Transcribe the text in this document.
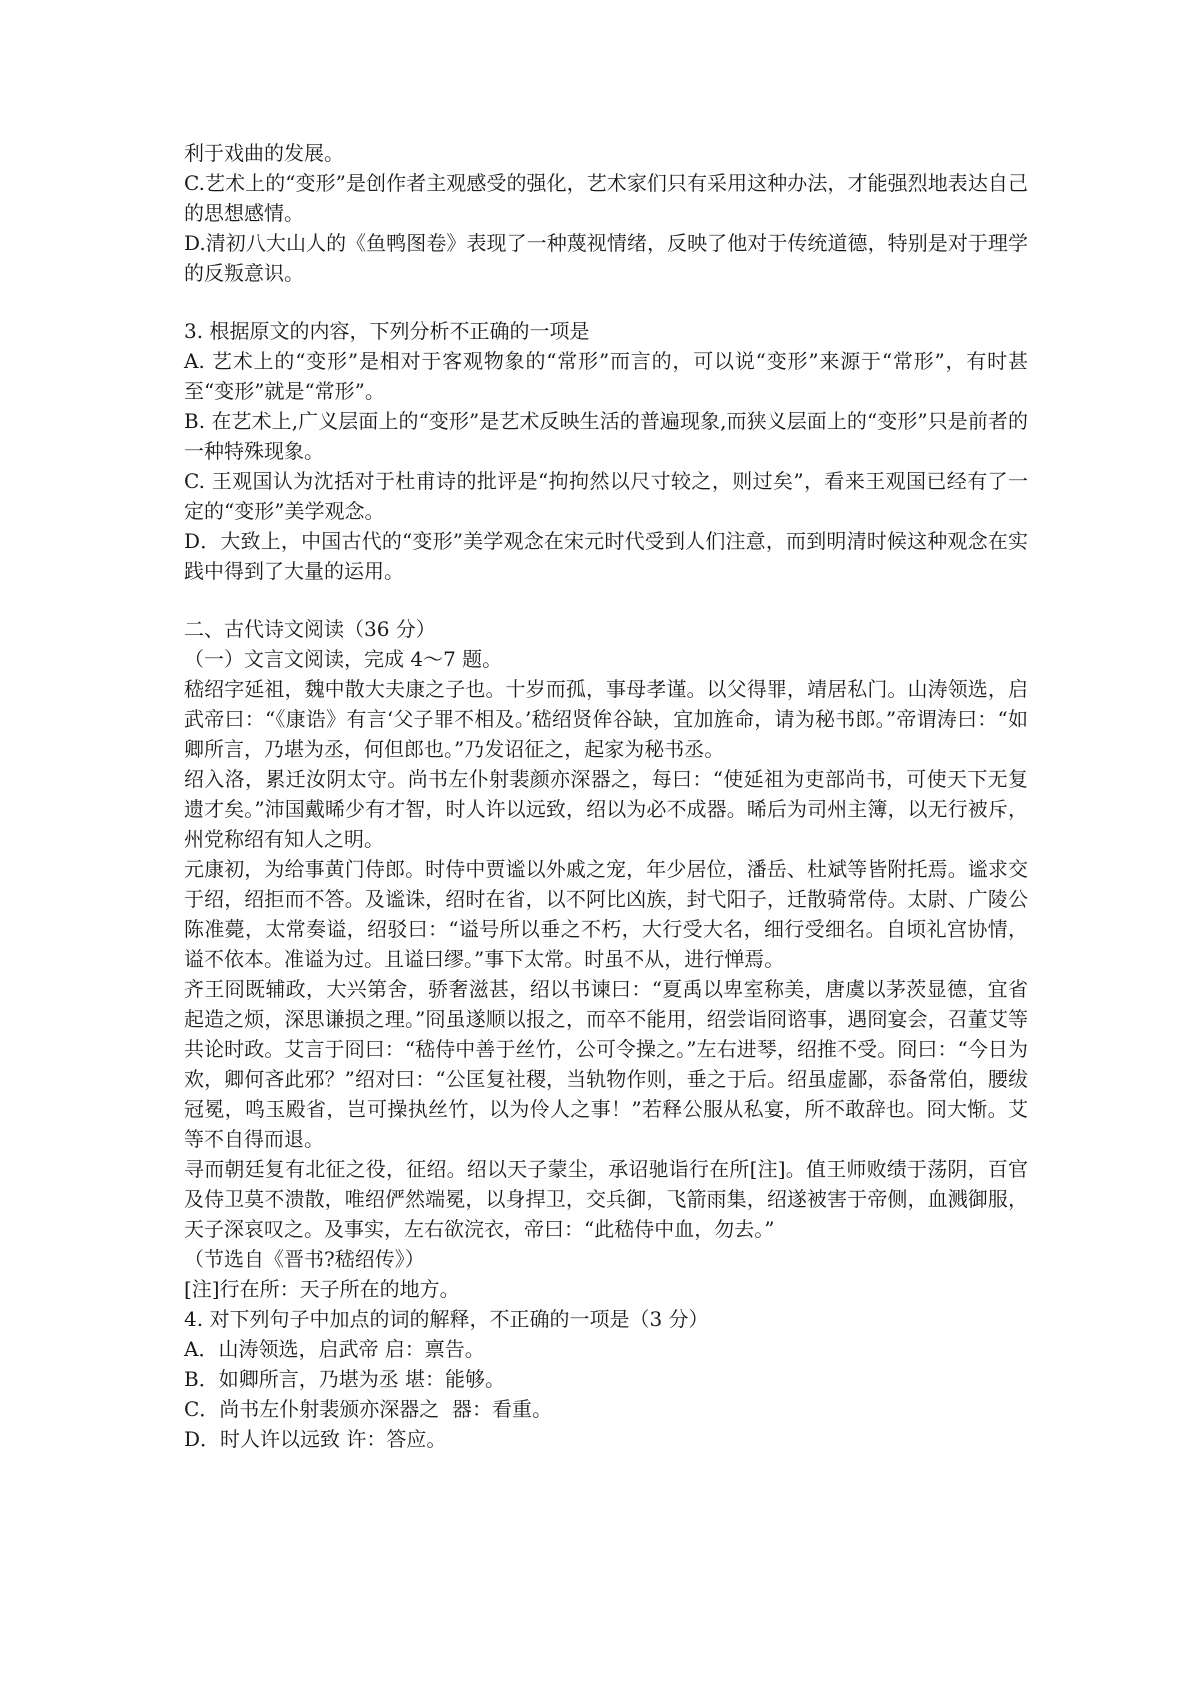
利于戏曲的发展。

C.艺术上的“变形”是创作者主观感受的强化，艺术家们只有采用这种办法，才能强烈地表达自己的思想感情。

D.清初八大山人的《鱼鸭图卷》表现了一种蔑视情绪，反映了他对于传统道德，特别是对于理学的反叛意识。

3. 根据原文的内容，下列分析不正确的一项是

A. 艺术上的“变形”是相对于客观物象的“常形”而言的，可以说“变形”来源于“常形”，有时甚至“变形”就是“常形”。

B. 在艺术上,广义层面上的“变形”是艺术反映生活的普遍现象,而狭义层面上的“变形”只是前者的一种特殊现象。

C. 王观国认为沈括对于杜甫诗的批评是“拘拘然以尺寸较之，则过矣”，看来王观国已经有了一定的“变形”美学观念。

D．大致上，中国古代的“变形”美学观念在宋元时代受到人们注意，而到明清时候这种观念在实践中得到了大量的运用。

二、古代诗文阅读（36 分）

（一）文言文阅读，完成 4～7 题。

嵇绍字延祖，魏中散大夫康之子也。十岁而孤，事母孝谨。以父得罪，靖居私门。山涛领选，启武帝曰：“《康诰》有言‘父子罪不相及。’嵇绍贤侔谷缺，宜加旌命，请为秘书郎。”帝谓涛曰：“如卿所言，乃堪为丞，何但郎也。”乃发诏征之，起家为秘书丞。

绍入洛，累迁汝阴太守。尚书左仆射裴颜亦深器之，每曰：“使延祖为吏部尚书，可使天下无复遗才矣。”沛国戴晞少有才智，时人许以远致，绍以为必不成器。晞后为司州主簿，以无行被斥，州党称绍有知人之明。

元康初，为给事黄门侍郎。时侍中贾谧以外戚之宠，年少居位，潘岳、杜斌等皆附托焉。谧求交于绍，绍拒而不答。及谧诛，绍时在省，以不阿比凶族，封弋阳子，迁散骑常侍。太尉、广陵公陈准薨，太常奏谥，绍驳曰：“谥号所以垂之不朽，大行受大名，细行受细名。自顷礼宫协情，谥不依本。准谥为过。且谥曰缪。”事下太常。时虽不从，进行惮焉。

齐王冏既辅政，大兴第舍，骄奢滋甚，绍以书谏曰：“夏禹以卑室称美，唐虞以茅茨显德，宜省起造之烦，深思谦损之理。”冏虽遂顺以报之，而卒不能用，绍尝诣冏谘事，遇冏宴会，召董艾等共论时政。艾言于冏曰：“嵇侍中善于丝竹，公可令操之。”左右进琴，绍推不受。冏曰：“今日为欢，卿何吝此邪？”绍对曰：“公匡复社稷，当轨物作则，垂之于后。绍虽虚鄙，忝备常伯，腰绂冠冕，鸣玉殿省，岂可操执丝竹，以为伶人之事！”若释公服从私宴，所不敢辞也。冏大惭。艾等不自得而退。

寻而朝廷复有北征之役，征绍。绍以天子蒙尘，承诏驰诣行在所[注]。值王师败绩于荡阴，百官及侍卫莫不溃散，唯绍俨然端冕，以身捍卫，交兵御，飞箭雨集，绍遂被害于帝侧，血溅御服，天子深哀叹之。及事实，左右欲浣衣，帝曰：“此嵇侍中血，勿去。”

（节选自《晋书?嵇绍传》）

[注]行在所：天子所在的地方。

4. 对下列句子中加点的词的解释，不正确的一项是（3 分）

A．山涛领选，启武帝 启：禀告。

B．如卿所言，乃堪为丞 堪：能够。

C．尚书左仆射裴颁亦深器之  器：看重。

D．时人许以远致 许：答应。
